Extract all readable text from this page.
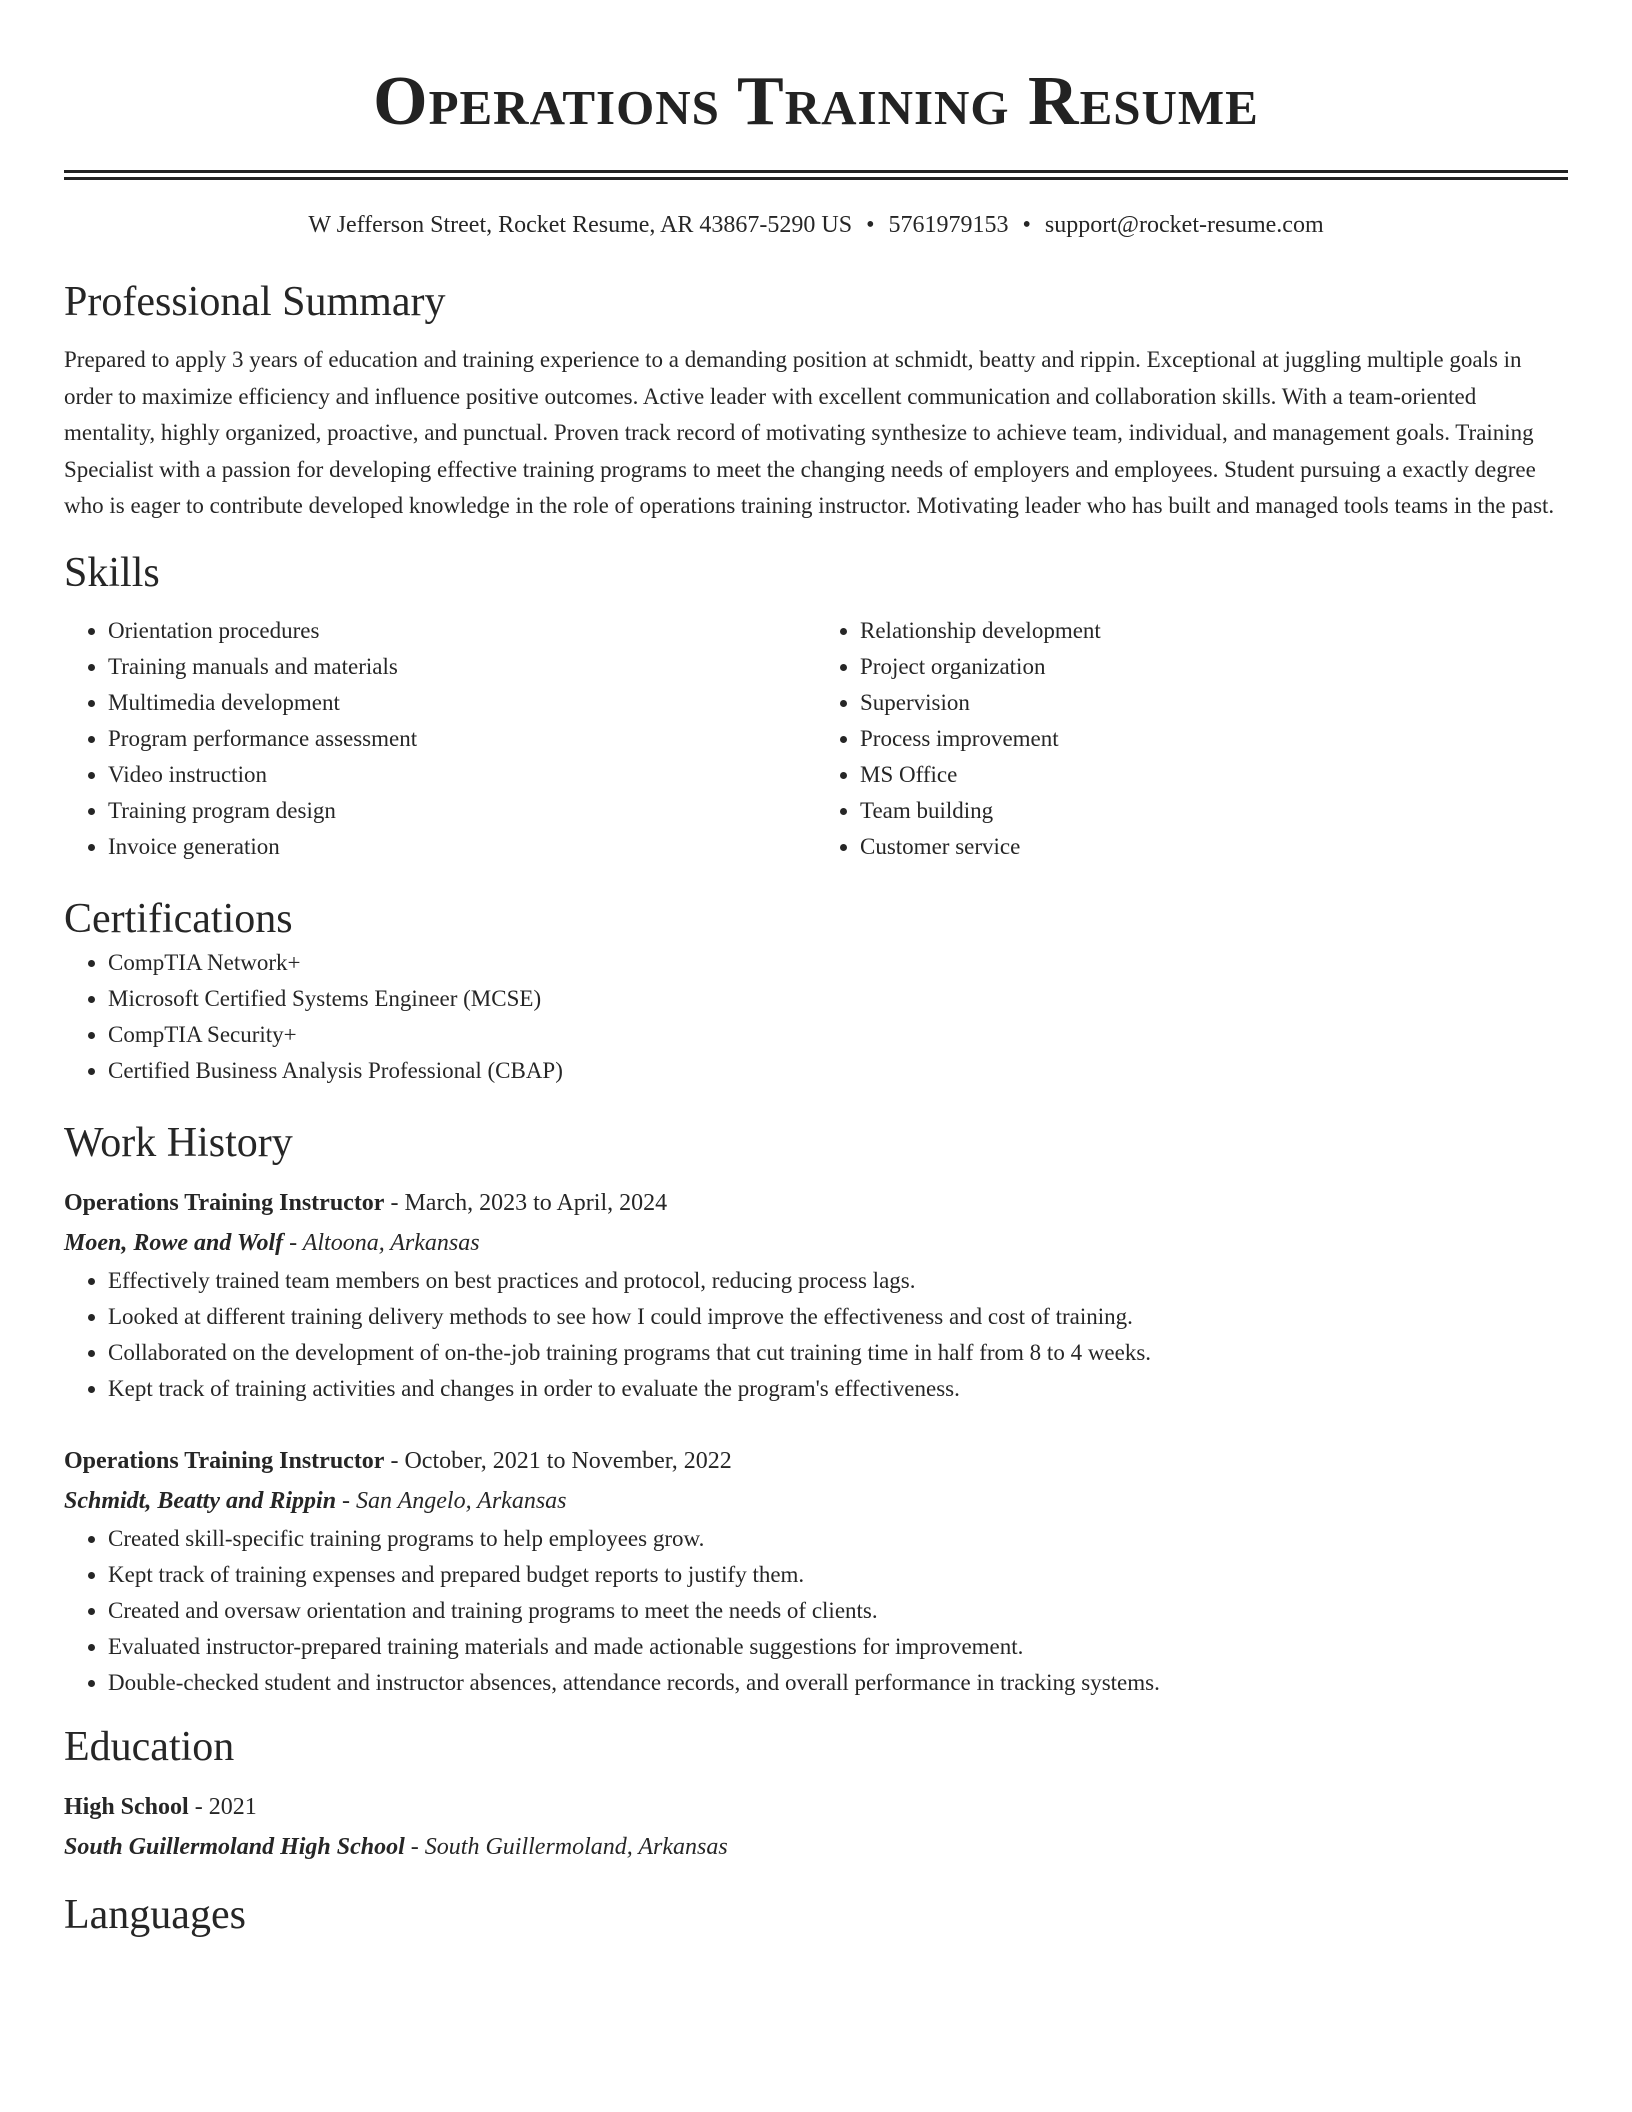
Operations Training Resume
W Jefferson Street, Rocket Resume, AR 43867-5290 US • 5761979153 • support@rocket-resume.com
Professional Summary

Prepared to apply 3 years of education and training experience to a demanding position at schmidt, beatty and rippin. Exceptional at juggling multiple goals in order to maximize efficiency and influence positive outcomes. Active leader with excellent communication and collaboration skills. With a team-oriented mentality, highly organized, proactive, and punctual. Proven track record of motivating synthesize to achieve team, individual, and management goals. Training Specialist with a passion for developing effective training programs to meet the changing needs of employers and employees. Student pursuing a exactly degree who is eager to contribute developed knowledge in the role of operations training instructor. Motivating leader who has built and managed tools teams in the past.

Skills
• Orientation procedures
• Training manuals and materials
• Multimedia development
• Program performance assessment
• Video instruction
• Training program design
• Invoice generation
• Relationship development
• Project organization
• Supervision
• Process improvement
• MS Office
• Team building
• Customer service
Certifications
• CompTIA Network+
• Microsoft Certified Systems Engineer (MCSE)
• CompTIA Security+
• Certified Business Analysis Professional (CBAP)
Work History
Operations Training Instructor - March, 2023 to April, 2024
Moen, Rowe and Wolf - Altoona, Arkansas
• Effectively trained team members on best practices and protocol, reducing process lags.
• Looked at different training delivery methods to see how I could improve the effectiveness and cost of training.
• Collaborated on the development of on-the-job training programs that cut training time in half from 8 to 4 weeks.
• Kept track of training activities and changes in order to evaluate the program's effectiveness.
Operations Training Instructor - October, 2021 to November, 2022
Schmidt, Beatty and Rippin - San Angelo, Arkansas
• Created skill-specific training programs to help employees grow.
• Kept track of training expenses and prepared budget reports to justify them.
• Created and oversaw orientation and training programs to meet the needs of clients.
• Evaluated instructor-prepared training materials and made actionable suggestions for improvement.
• Double-checked student and instructor absences, attendance records, and overall performance in tracking systems.
Education
High School - 2021
South Guillermoland High School - South Guillermoland, Arkansas
Languages
